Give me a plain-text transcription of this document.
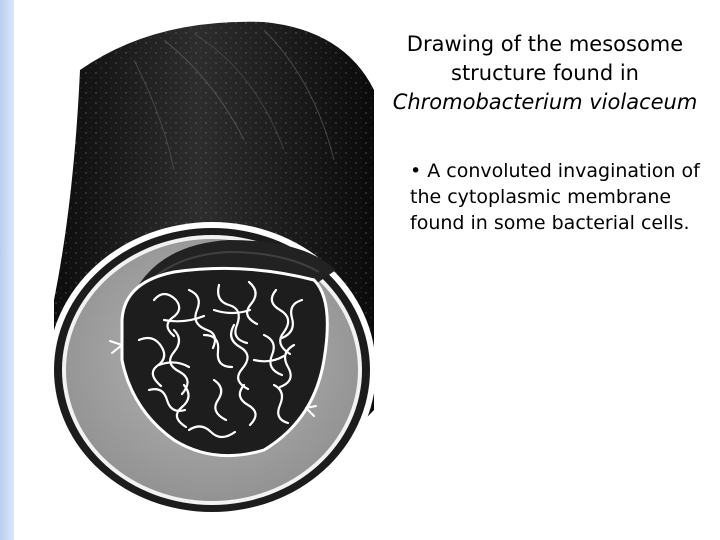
Drawing of the mesosome
structure found in
Chromobacterium violaceum
• A convoluted invagination of the cytoplasmic membrane found in some bacterial cells.
